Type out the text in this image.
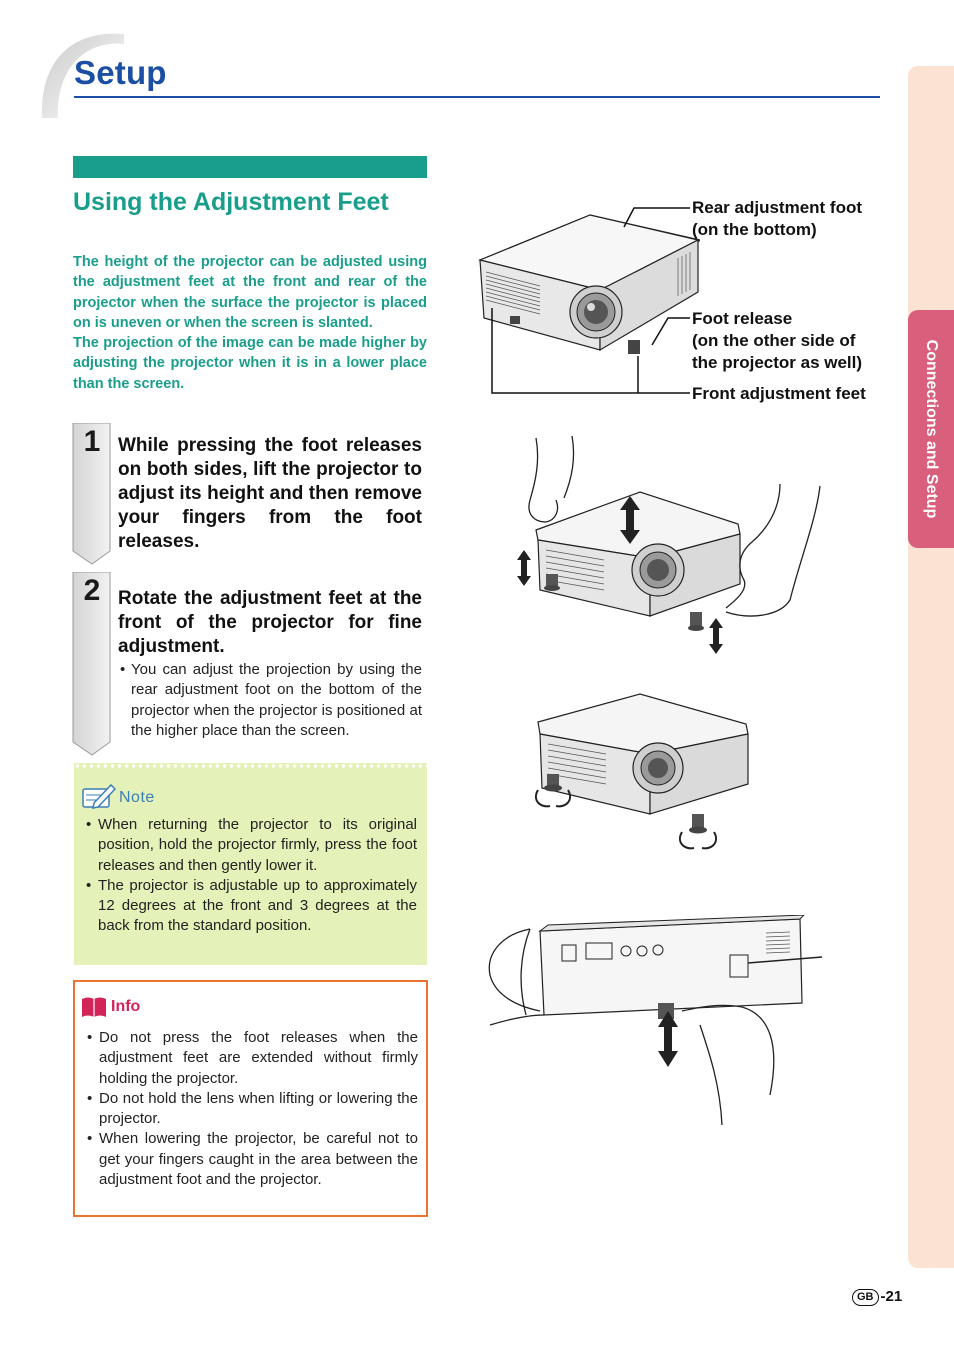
Setup
Connections and Setup
Using the Adjustment Feet

The height of the projector can be adjusted using the adjustment feet at the front and rear of the projector when the surface the projector is placed on is uneven or when the screen is slanted.

The projection of the image can be made higher by adjusting the projector when it is in a lower place than the screen.

1 While pressing the foot releases on both sides, lift the projector to adjust its height and then remove your fingers from the foot releases.

2 Rotate the adjustment feet at the front of the projector for fine adjustment.

• You can adjust the projection by using the rear adjustment foot on the bottom of the projector when the projector is positioned at the higher place than the screen.
Note
• When returning the projector to its original position, hold the projector firmly, press the foot releases and then gently lower it.
• The projector is adjustable up to approximately 12 degrees at the front and 3 degrees at the back from the standard position.
Info
• Do not press the foot releases when the adjustment feet are extended without firmly holding the projector.
• Do not hold the lens when lifting or lowering the projector.
• When lowering the projector, be careful not to get your fingers caught in the area between the adjustment foot and the projector.

Rear adjustment foot
(on the bottom)

Foot release
(on the other side of
the projector as well)

Front adjustment feet

GB -21
